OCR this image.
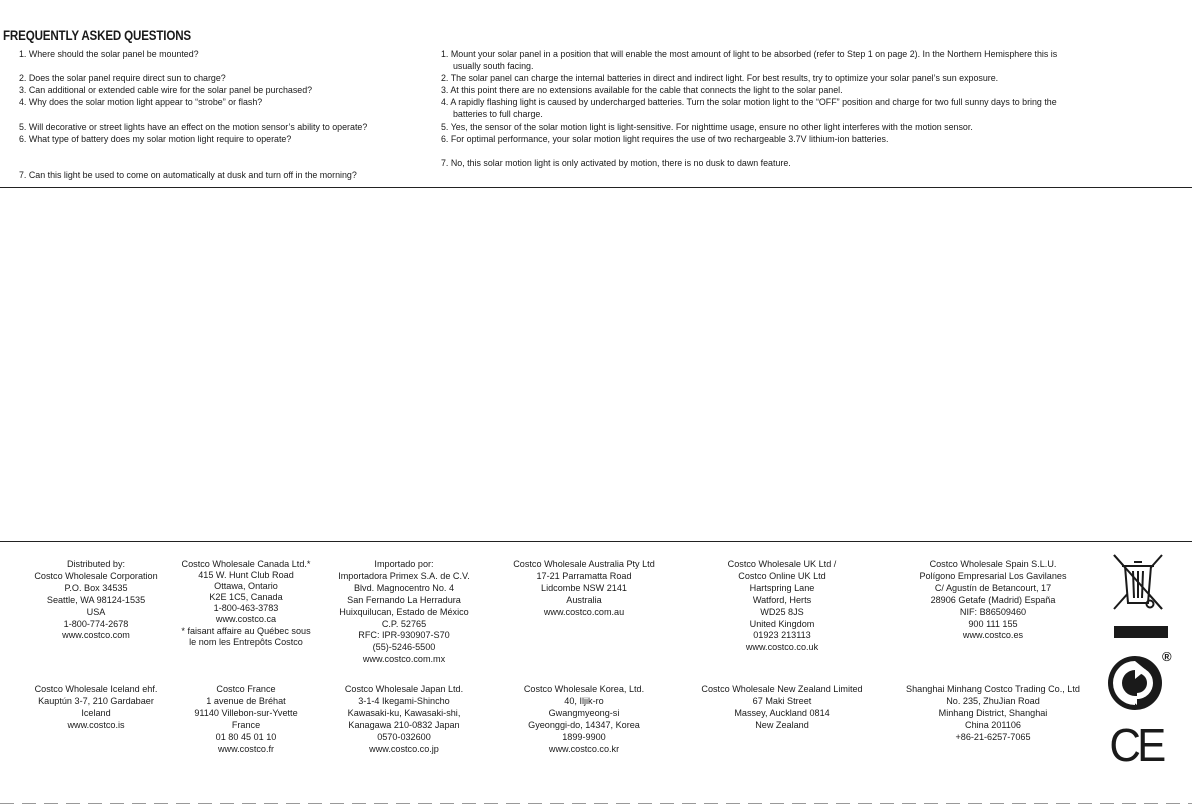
FREQUENTLY ASKED QUESTIONS
1. Where should the solar panel be mounted?
2. Does the solar panel require direct sun to charge?
3. Can additional or extended cable wire for the solar panel be purchased?
4. Why does the solar motion light appear to “strobe” or flash?
5. Will decorative or street lights have an effect on the motion sensor’s ability to operate?
6. What type of battery does my solar motion light require to operate?
7. Can this light be used to come on automatically at dusk and turn off in the morning?
1. Mount your solar panel in a position that will enable the most amount of light to be absorbed (refer to Step 1 on page 2). In the Northern Hemisphere this is
usually south facing.
2. The solar panel can charge the internal batteries in direct and indirect light. For best results, try to optimize your solar panel’s sun exposure.
3. At this point there are no extensions available for the cable that connects the light to the solar panel.
4. A rapidly flashing light is caused by undercharged batteries. Turn the solar motion light to the “OFF” position and charge for two full sunny days to bring the
batteries to full charge.
5. Yes, the sensor of the solar motion light is light-sensitive. For nighttime usage, ensure no other light interferes with the motion sensor.
6. For optimal performance, your solar motion light requires the use of two rechargeable 3.7V lithium-ion batteries.
7. No, this solar motion light is only activated by motion, there is no dusk to dawn feature.
Distributed by:
Costco Wholesale Corporation
P.O. Box 34535
Seattle, WA 98124-1535
USA
1-800-774-2678
www.costco.com
Costco Wholesale Canada Ltd.*
415 W. Hunt Club Road
Ottawa, Ontario
K2E 1C5, Canada
1-800-463-3783
www.costco.ca
* faisant affaire au Québec sous
le nom les Entrepôts Costco
Importado por:
Importadora Primex S.A. de C.V.
Blvd. Magnocentro No. 4
San Fernando La Herradura
Huixquilucan, Estado de México
C.P. 52765
RFC: IPR-930907-S70
(55)-5246-5500
www.costco.com.mx
Costco Wholesale Australia Pty Ltd
17-21 Parramatta Road
Lidcombe NSW 2141
Australia
www.costco.com.au
Costco Wholesale UK Ltd /
Costco Online UK Ltd
Hartspring Lane
Watford, Herts
WD25 8JS
United Kingdom
01923 213113
www.costco.co.uk
Costco Wholesale Spain S.L.U.
Polígono Empresarial Los Gavilanes
C/ Agustín de Betancourt, 17
28906 Getafe (Madrid) España
NIF: B86509460
900 111 155
www.costco.es
Costco Wholesale Iceland ehf.
Kauptún 3-7, 210 Gardabaer
Iceland
www.costco.is
Costco France
1 avenue de Bréhat
91140 Villebon-sur-Yvette
France
01 80 45 01 10
www.costco.fr
Costco Wholesale Japan Ltd.
3-1-4 Ikegami-Shincho
Kawasaki-ku, Kawasaki-shi,
Kanagawa 210-0832 Japan
0570-032600
www.costco.co.jp
Costco Wholesale Korea, Ltd.
40, Iljik-ro
Gwangmyeong-si
Gyeonggi-do, 14347, Korea
1899-9900
www.costco.co.kr
Costco Wholesale New Zealand Limited
67 Maki Street
Massey, Auckland 0814
New Zealand
Shanghai Minhang Costco Trading Co., Ltd
No. 235, ZhuJian Road
Minhang District, Shanghai
China 201106
+86-21-6257-7065
®
CE
